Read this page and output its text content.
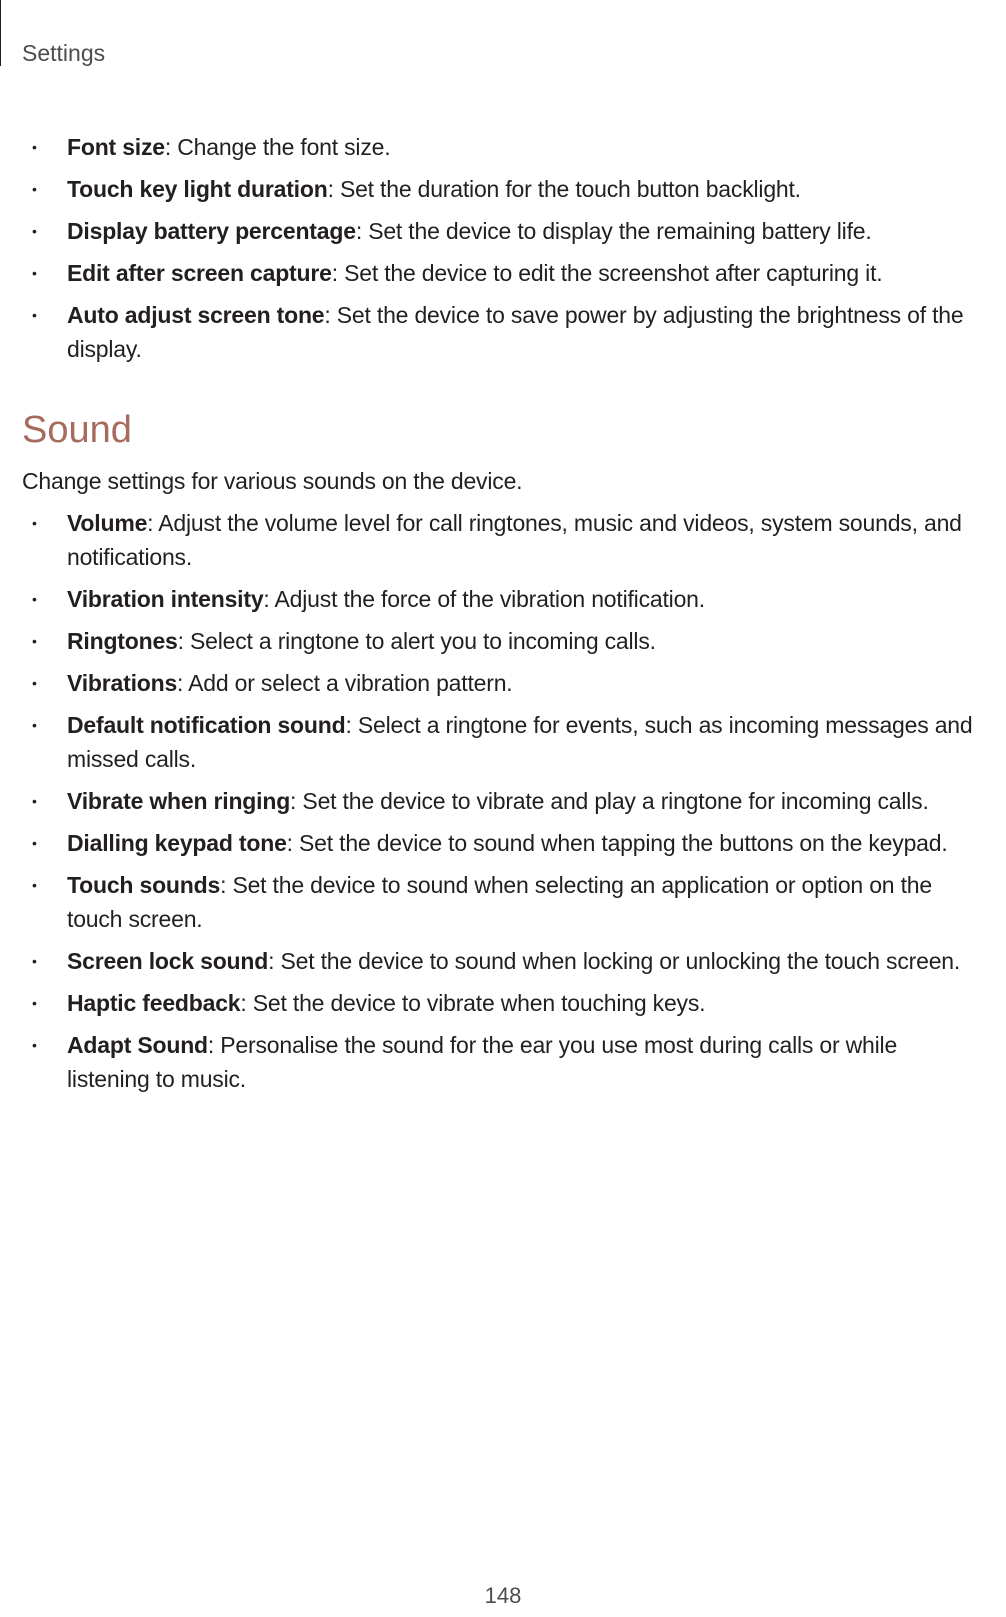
Settings
• Font size: Change the font size.
• Touch key light duration: Set the duration for the touch button backlight.
• Display battery percentage: Set the device to display the remaining battery life.
• Edit after screen capture: Set the device to edit the screenshot after capturing it.
• Auto adjust screen tone: Set the device to save power by adjusting the brightness of the display.
Sound

Change settings for various sounds on the device.

• Volume: Adjust the volume level for call ringtones, music and videos, system sounds, and notifications.
• Vibration intensity: Adjust the force of the vibration notification.
• Ringtones: Select a ringtone to alert you to incoming calls.
• Vibrations: Add or select a vibration pattern.
• Default notification sound: Select a ringtone for events, such as incoming messages and missed calls.
• Vibrate when ringing: Set the device to vibrate and play a ringtone for incoming calls.
• Dialling keypad tone: Set the device to sound when tapping the buttons on the keypad.
• Touch sounds: Set the device to sound when selecting an application or option on the touch screen.
• Screen lock sound: Set the device to sound when locking or unlocking the touch screen.
• Haptic feedback: Set the device to vibrate when touching keys.
• Adapt Sound: Personalise the sound for the ear you use most during calls or while listening to music.
148
